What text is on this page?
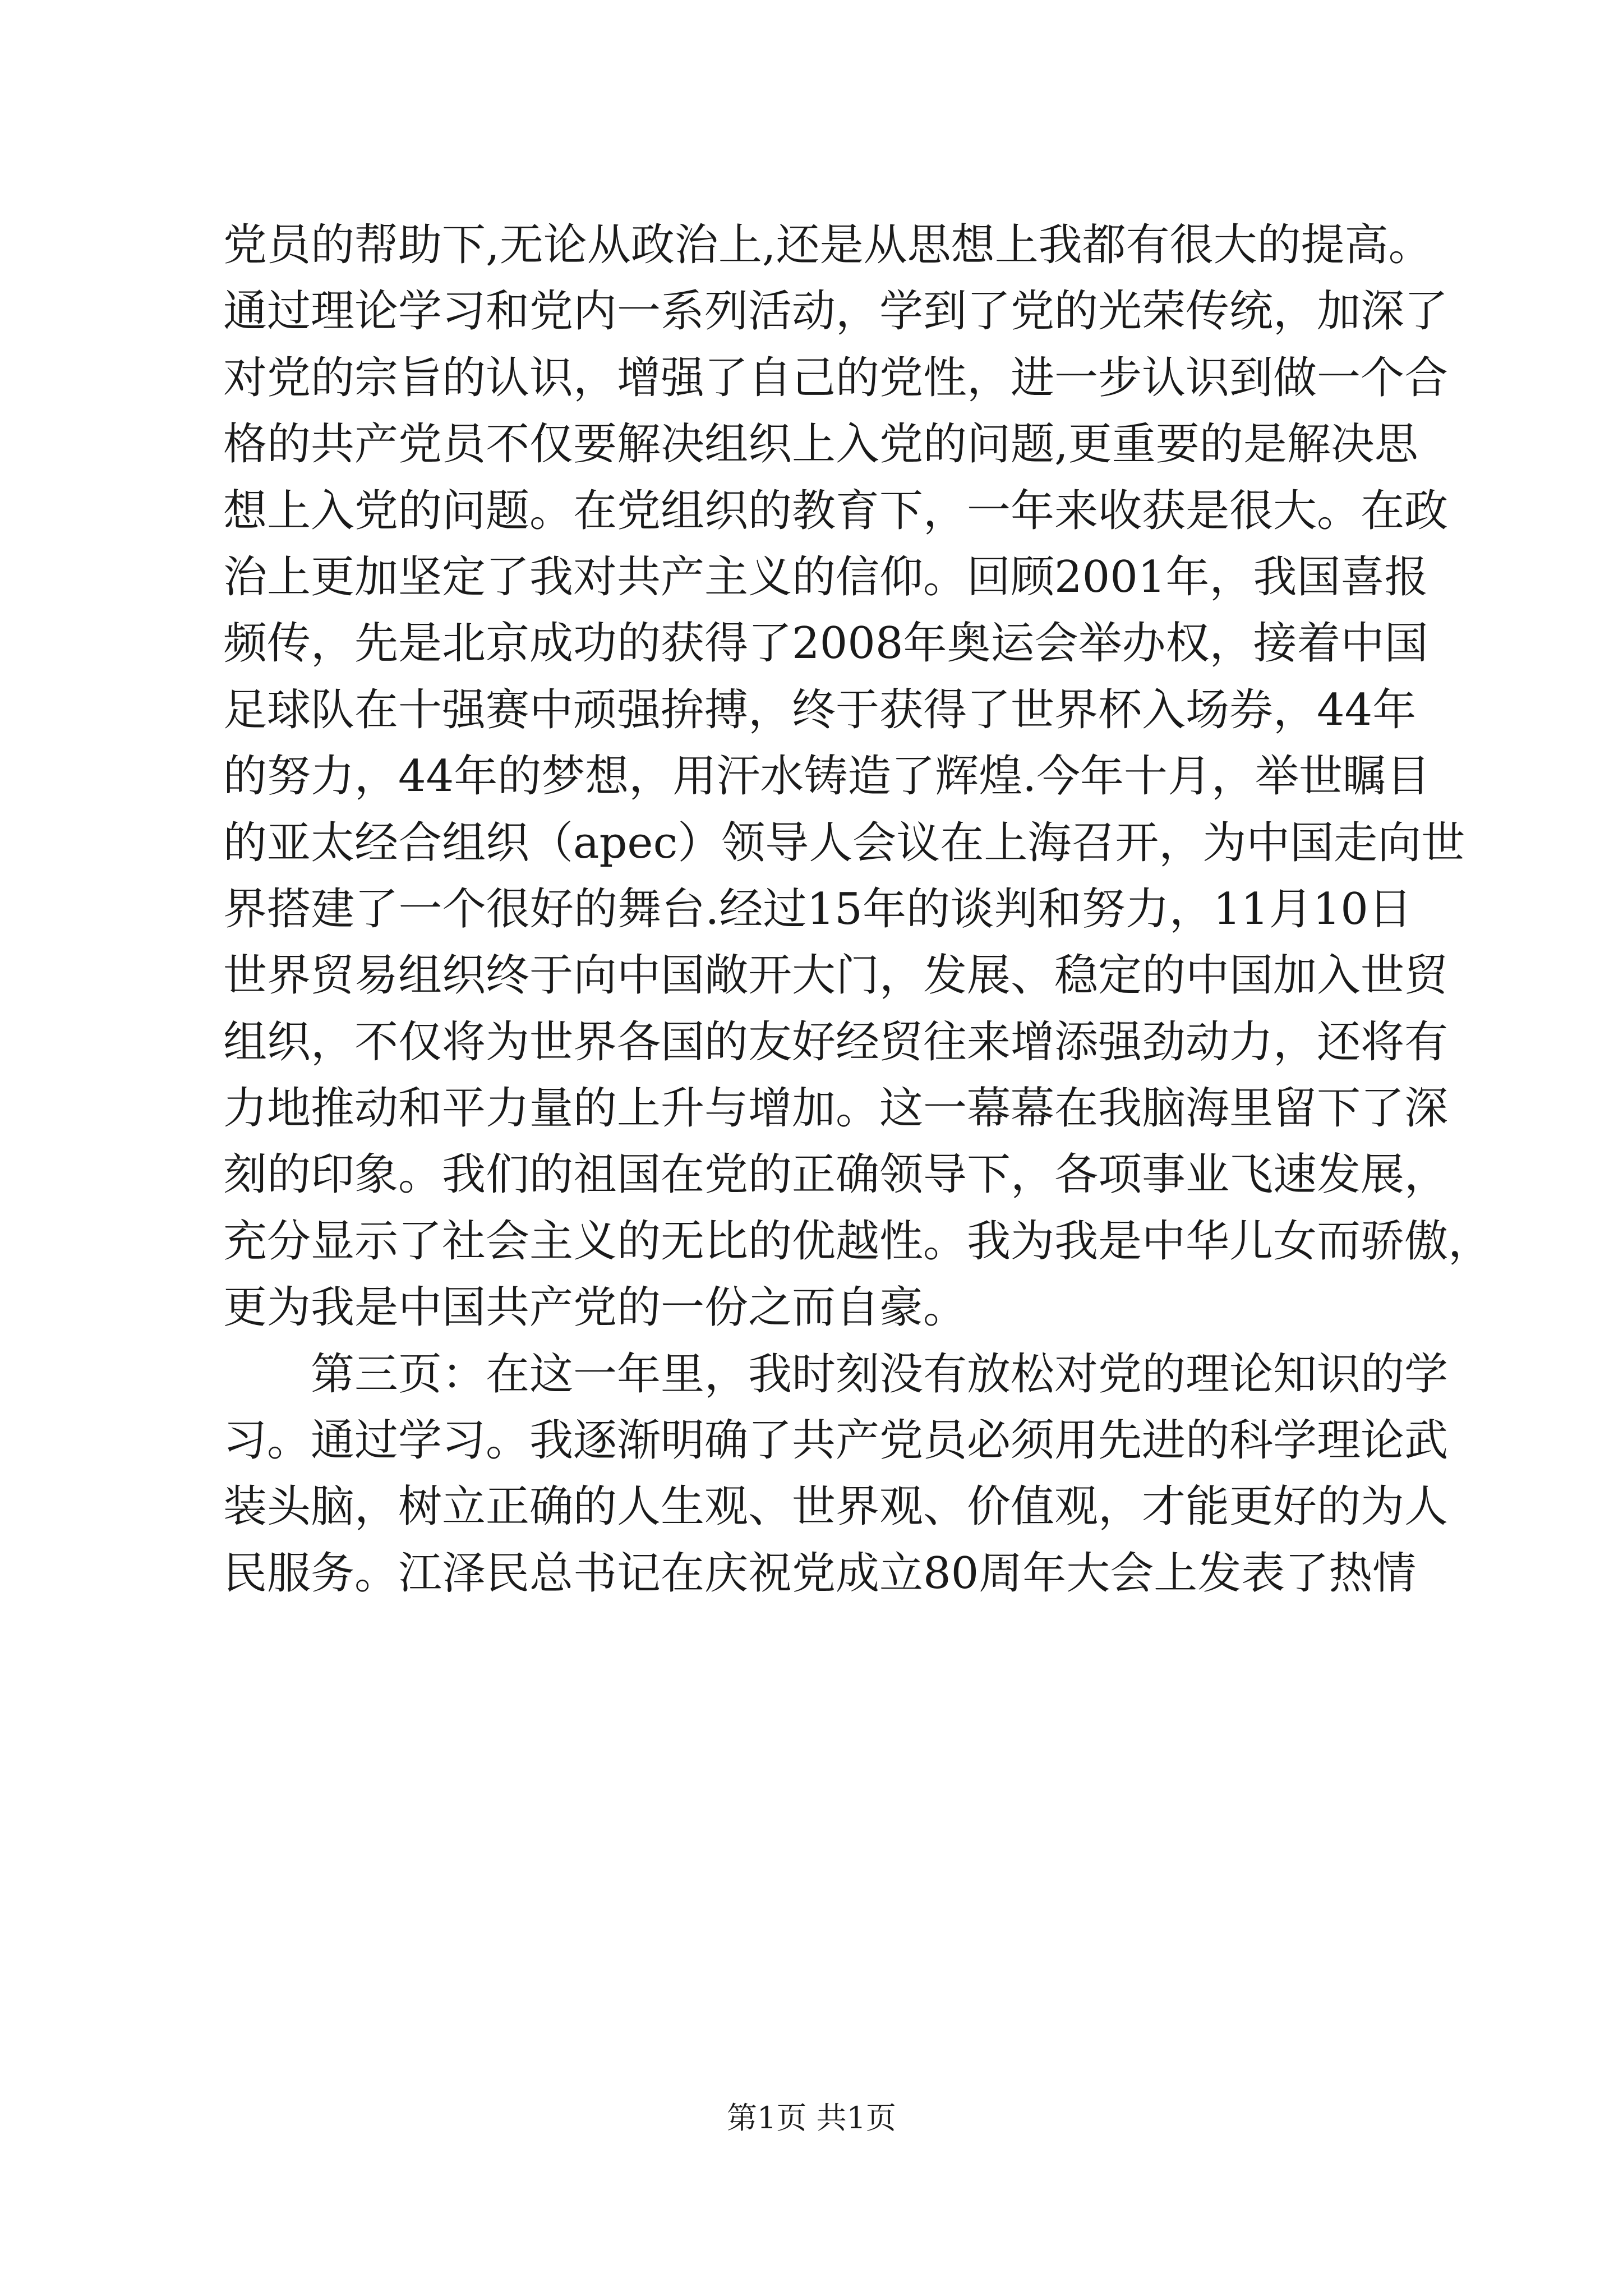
党员的帮助下,无论从政治上,还是从思想上我都有很大的提高。
通过理论学习和党内一系列活动，学到了党的光荣传统，加深了
对党的宗旨的认识，增强了自己的党性，进一步认识到做一个合
格的共产党员不仅要解决组织上入党的问题,更重要的是解决思
想上入党的问题。在党组织的教育下，一年来收获是很大。在政
治上更加坚定了我对共产主义的信仰。回顾2001年，我国喜报
频传，先是北京成功的获得了2008年奥运会举办权，接着中国
足球队在十强赛中顽强拚搏，终于获得了世界杯入场券，44年
的努力，44年的梦想，用汗水铸造了辉煌.今年十月，举世瞩目
的亚太经合组织（apec）领导人会议在上海召开，为中国走向世
界搭建了一个很好的舞台.经过15年的谈判和努力，11月10日
世界贸易组织终于向中国敞开大门，发展、稳定的中国加入世贸
组织，不仅将为世界各国的友好经贸往来增添强劲动力，还将有
力地推动和平力量的上升与增加。这一幕幕在我脑海里留下了深
刻的印象。我们的祖国在党的正确领导下，各项事业飞速发展，
充分显示了社会主义的无比的优越性。我为我是中华儿女而骄傲，
更为我是中国共产党的一份之而自豪。
第三页：在这一年里，我时刻没有放松对党的理论知识的学
习。通过学习。我逐渐明确了共产党员必须用先进的科学理论武
装头脑，树立正确的人生观、世界观、价值观，才能更好的为人
民服务。江泽民总书记在庆祝党成立80周年大会上发表了热情
第1页 共1页
